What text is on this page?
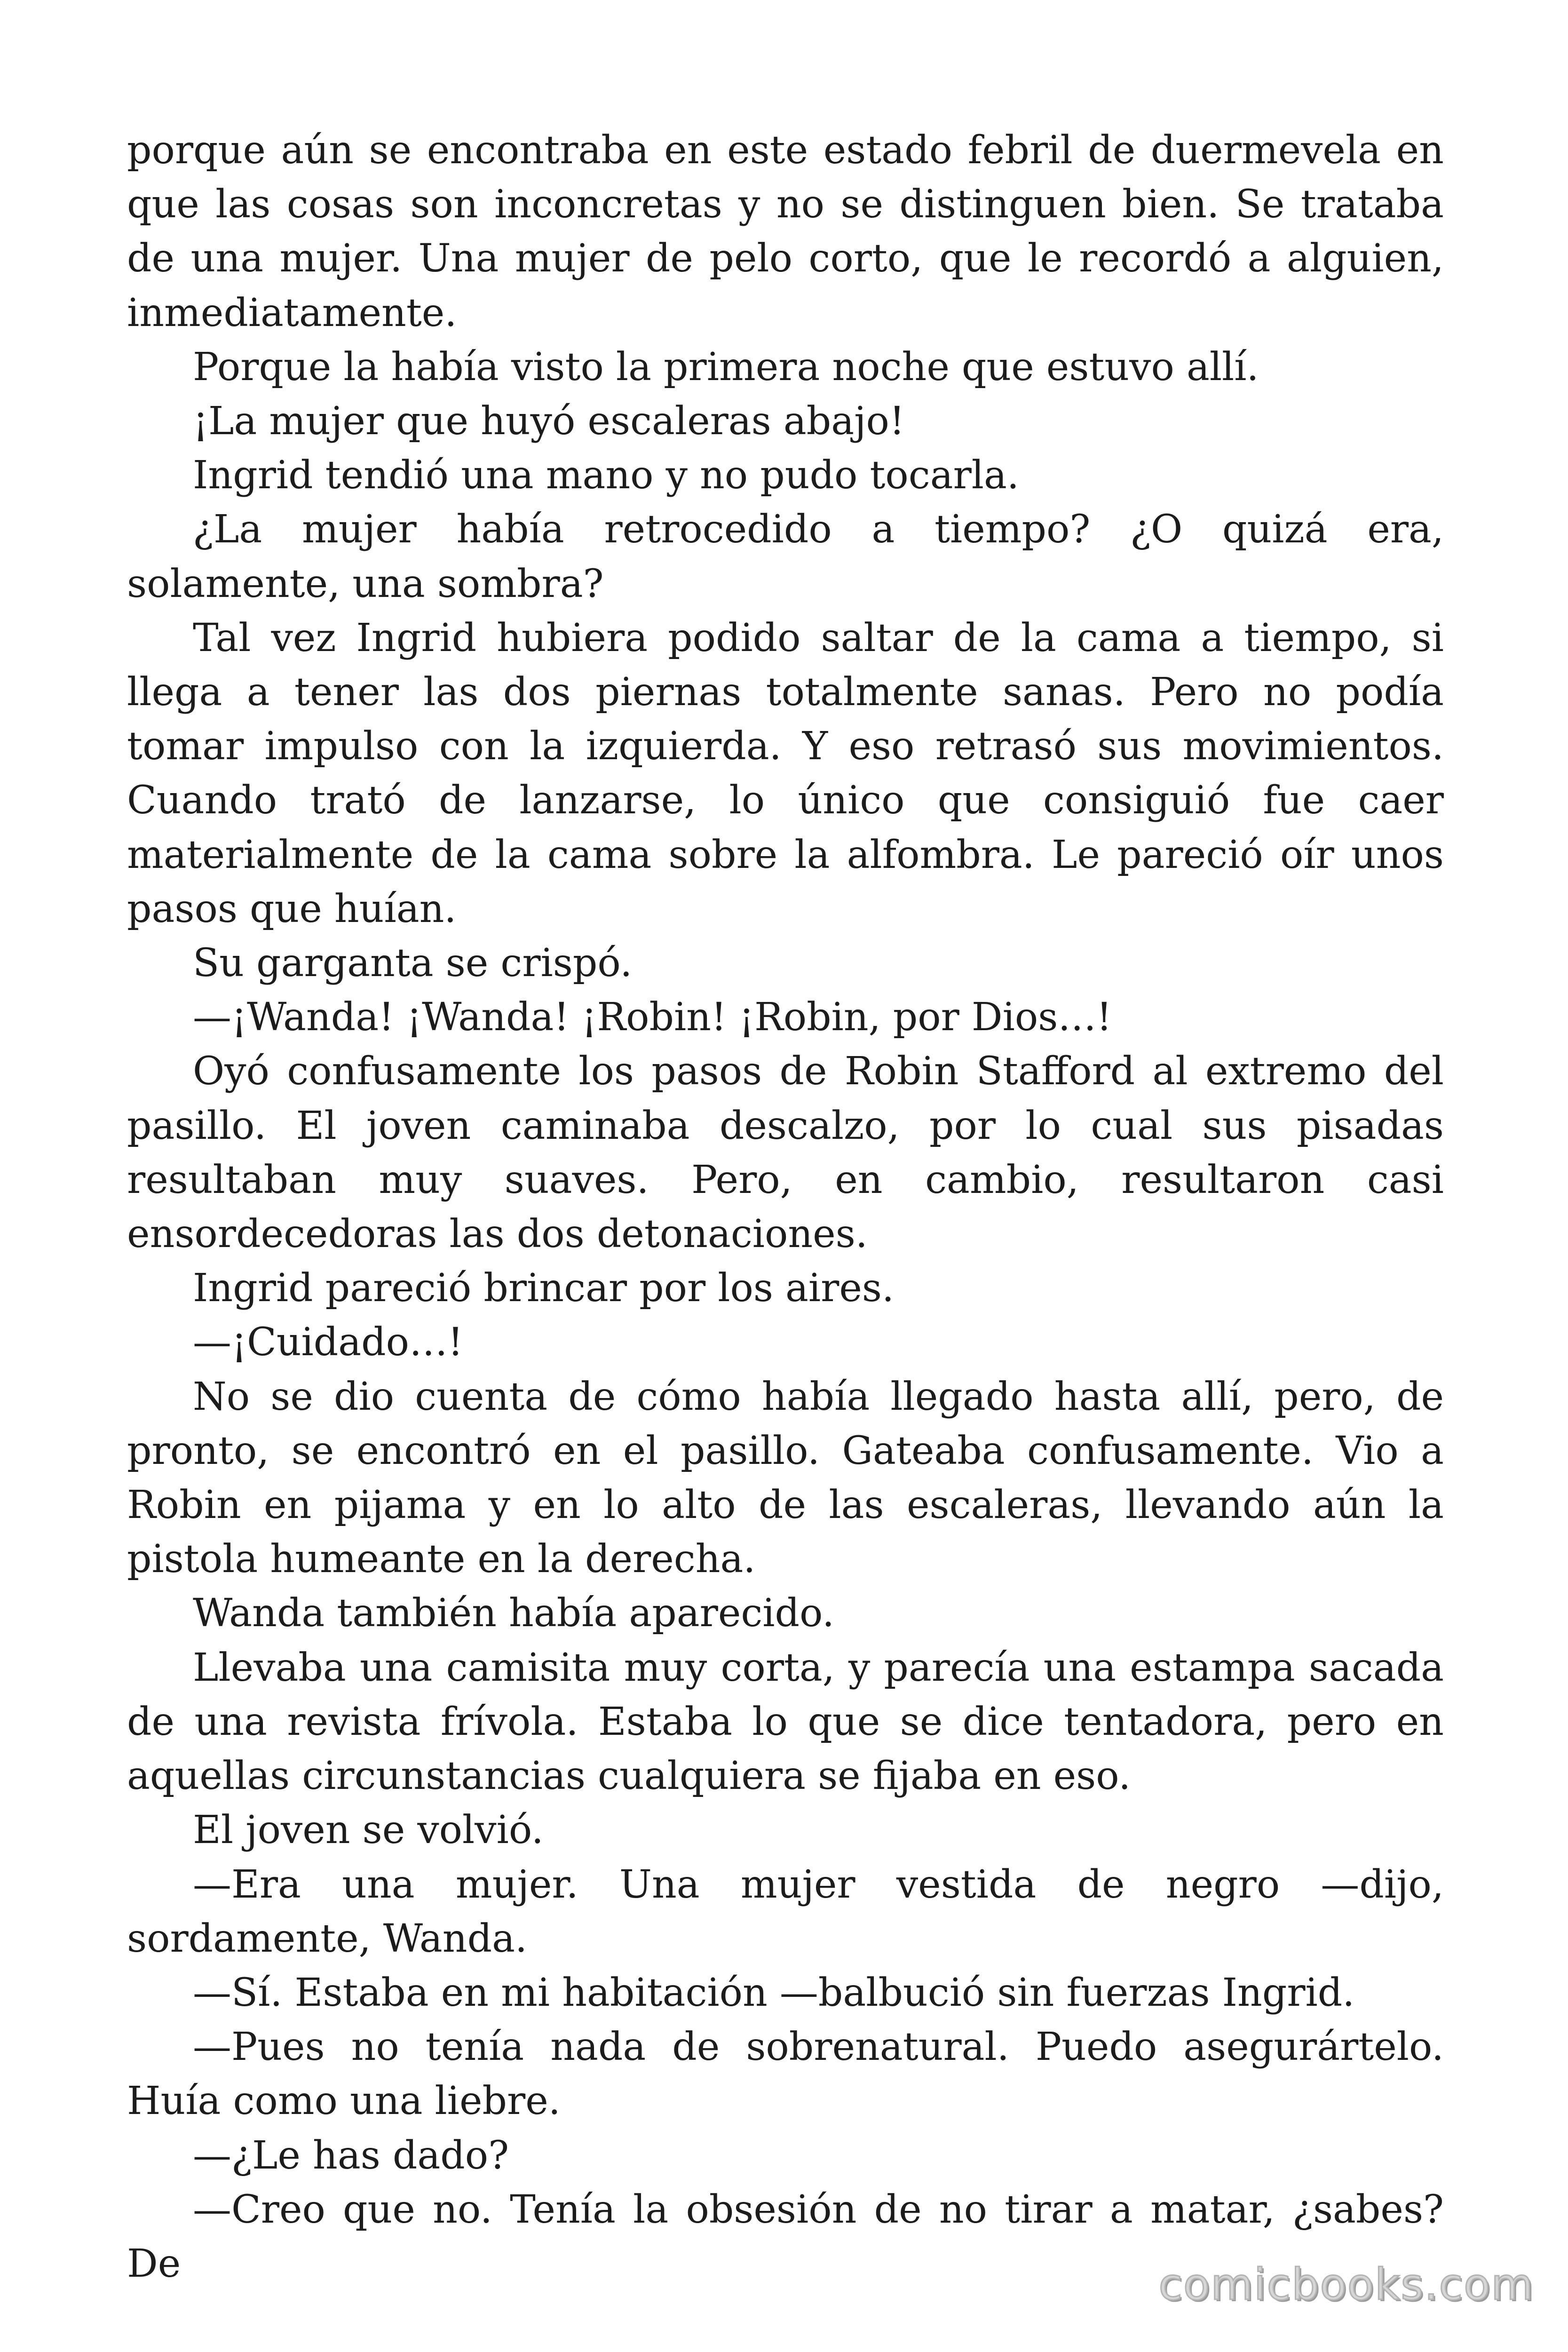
porque aún se encontraba en este estado febril de duermevela en que las cosas son inconcretas y no se distinguen bien. Se trataba de una mujer. Una mujer de pelo corto, que le recordó a alguien, inmediatamente.

Porque la había visto la primera noche que estuvo allí.

¡La mujer que huyó escaleras abajo!

Ingrid tendió una mano y no pudo tocarla.

¿La mujer había retrocedido a tiempo? ¿O quizá era, solamente, una sombra?

Tal vez Ingrid hubiera podido saltar de la cama a tiempo, si llega a tener las dos piernas totalmente sanas. Pero no podía tomar impulso con la izquierda. Y eso retrasó sus movimientos. Cuando trató de lanzarse, lo único que consiguió fue caer materialmente de la cama sobre la alfombra. Le pareció oír unos pasos que huían.

Su garganta se crispó.

—¡Wanda! ¡Wanda! ¡Robin! ¡Robin, por Dios…!

Oyó confusamente los pasos de Robin Stafford al extremo del pasillo. El joven caminaba descalzo, por lo cual sus pisadas resultaban muy suaves. Pero, en cambio, resultaron casi ensordecedoras las dos detonaciones.

Ingrid pareció brincar por los aires.

—¡Cuidado…!

No se dio cuenta de cómo había llegado hasta allí, pero, de pronto, se encontró en el pasillo. Gateaba confusamente. Vio a Robin en pijama y en lo alto de las escaleras, llevando aún la pistola humeante en la derecha.

Wanda también había aparecido.

Llevaba una camisita muy corta, y parecía una estampa sacada de una revista frívola. Estaba lo que se dice tentadora, pero en aquellas circunstancias cualquiera se fijaba en eso.

El joven se volvió.

—Era una mujer. Una mujer vestida de negro —dijo, sordamente, Wanda.

—Sí. Estaba en mi habitación —balbució sin fuerzas Ingrid.

—Pues no tenía nada de sobrenatural. Puedo asegurártelo. Huía como una liebre.

—¿Le has dado?

—Creo que no. Tenía la obsesión de no tirar a matar, ¿sabes? De	comicbooks.com
